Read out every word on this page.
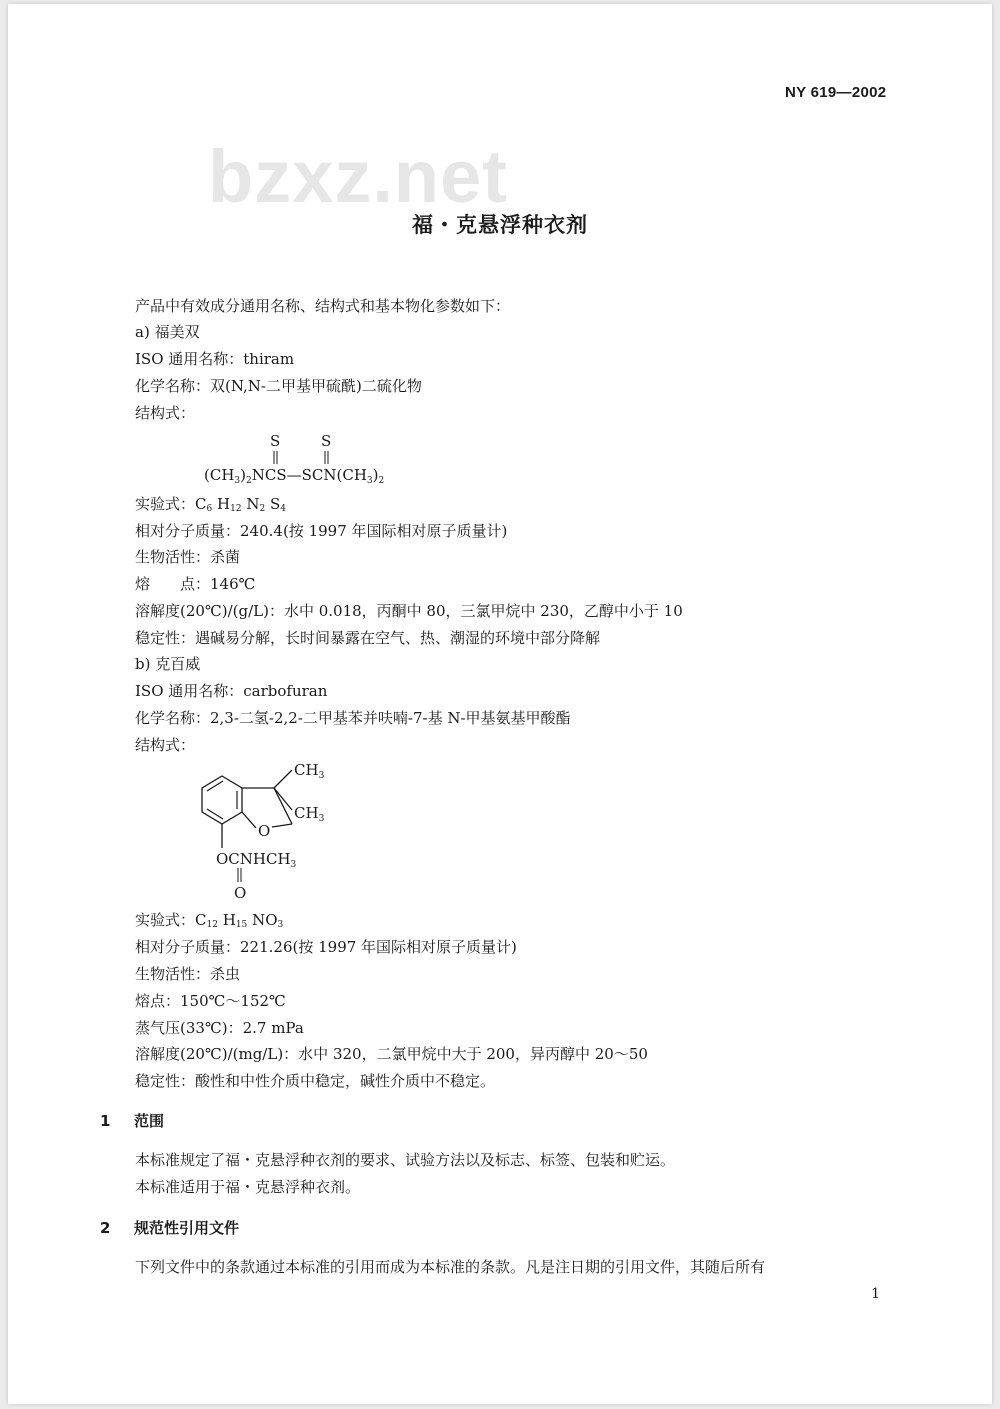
NY 619—2002
bzxz.net
福・克悬浮种衣剂
产品中有效成分通用名称、结构式和基本物化参数如下：
a) 福美双
ISO 通用名称：thiram
化学名称：双(N,N-二甲基甲硫酰)二硫化物
结构式：
S	S
$(CH_3)_2NCS—SCN(CH_3)_2$
实验式：$C_6$ $H_{12}$ $N_2$ $S_4$
相对分子质量：240.4(按 1997 年国际相对原子质量计)
生物活性：杀菌
熔　　点：146℃
溶解度(20℃)/(g/L)：水中 0.018，丙酮中 80，三氯甲烷中 230，乙醇中小于 10
稳定性：遇碱易分解，长时间暴露在空气、热、潮湿的环境中部分降解
b) 克百威
ISO 通用名称：carbofuran
化学名称：2,3-二氢-2,2-二甲基苯并呋喃-7-基 N-甲基氨基甲酸酯
结构式：
O
$CH_3$
$CH_3$
$OCNHCH_3$
O
实验式：$C_{12}$ $H_{15}$ $NO_3$
相对分子质量：221.26(按 1997 年国际相对原子质量计)
生物活性：杀虫
熔点：150℃～152℃
蒸气压(33℃)：2.7 mPa
溶解度(20℃)/(mg/L)：水中 320，二氯甲烷中大于 200，异丙醇中 20～50
稳定性：酸性和中性介质中稳定，碱性介质中不稳定。
1 范围
本标准规定了福・克悬浮种衣剂的要求、试验方法以及标志、标签、包装和贮运。
本标准适用于福・克悬浮种衣剂。
2 规范性引用文件
下列文件中的条款通过本标准的引用而成为本标准的条款。凡是注日期的引用文件，其随后所有
1
